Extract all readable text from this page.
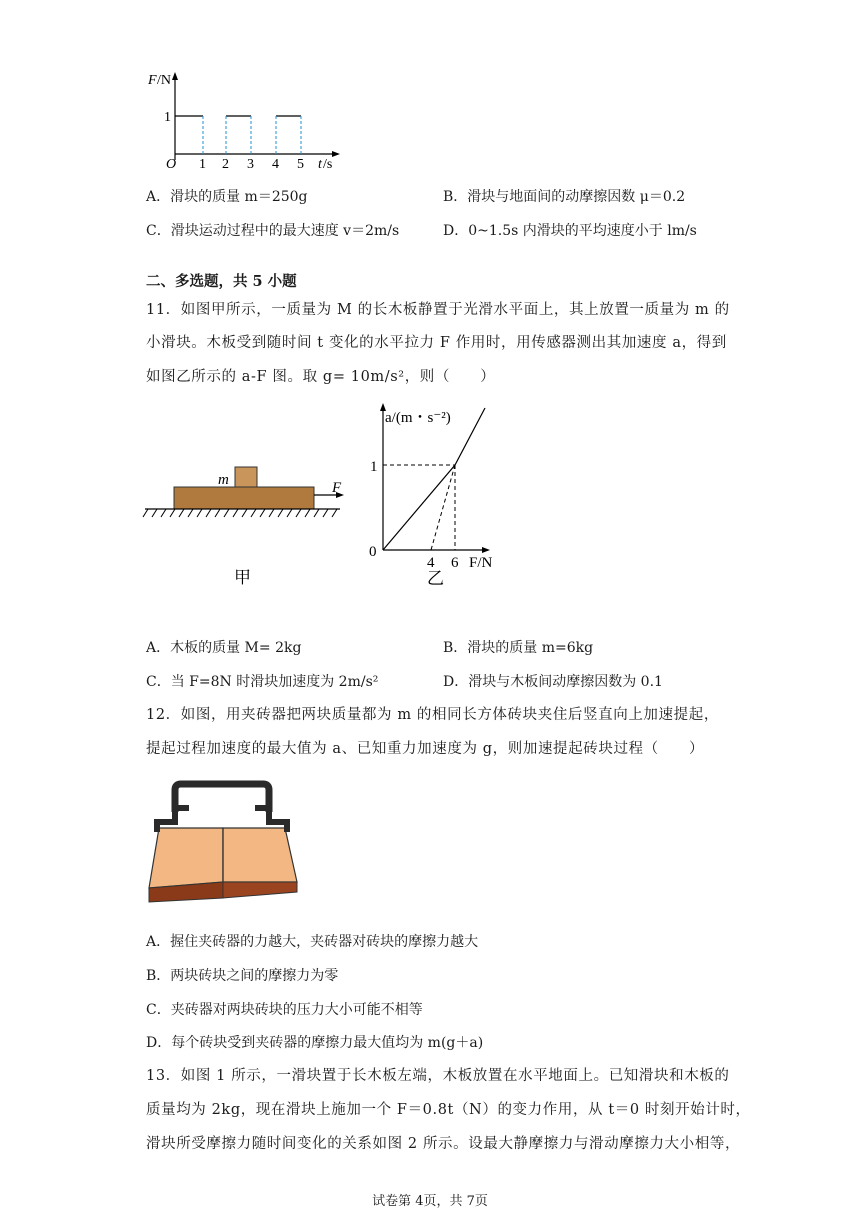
F /N
1
O 1 2 3 4 5 t /s
A．滑块的质量 m＝250g	B．滑块与地面间的动摩擦因数 μ＝0.2
C．滑块运动过程中的最大速度 v＝2m/s	D．0~1.5s 内滑块的平均速度小于 lm/s
二、多选题，共 5 小题
11．如图甲所示，一质量为 M 的长木板静置于光滑水平面上，其上放置一质量为 m 的
小滑块。木板受到随时间 t 变化的水平拉力 F 作用时，用传感器测出其加速度 a，得到
如图乙所示的 a-F 图。取 g= 10m/s²，则（　　）
m	F
甲
a/(m・s⁻²)
1
0
4 6 F/N
乙
A．木板的质量 M= 2kg	B．滑块的质量 m=6kg
C．当 F=8N 时滑块加速度为 2m/s²	D．滑块与木板间动摩擦因数为 0.1
12．如图，用夹砖器把两块质量都为 m 的相同长方体砖块夹住后竖直向上加速提起，
提起过程加速度的最大值为 a、已知重力加速度为 g，则加速提起砖块过程（　　）
A．握住夹砖器的力越大，夹砖器对砖块的摩擦力越大
B．两块砖块之间的摩擦力为零
C．夹砖器对两块砖块的压力大小可能不相等
D．每个砖块受到夹砖器的摩擦力最大值均为 m(g＋a)
13．如图 1 所示，一滑块置于长木板左端，木板放置在水平地面上。已知滑块和木板的
质量均为 2kg，现在滑块上施加一个 F＝0.8t（N）的变力作用，从 t＝0 时刻开始计时，
滑块所受摩擦力随时间变化的关系如图 2 所示。设最大静摩擦力与滑动摩擦力大小相等，
试卷第 4页，共 7页
